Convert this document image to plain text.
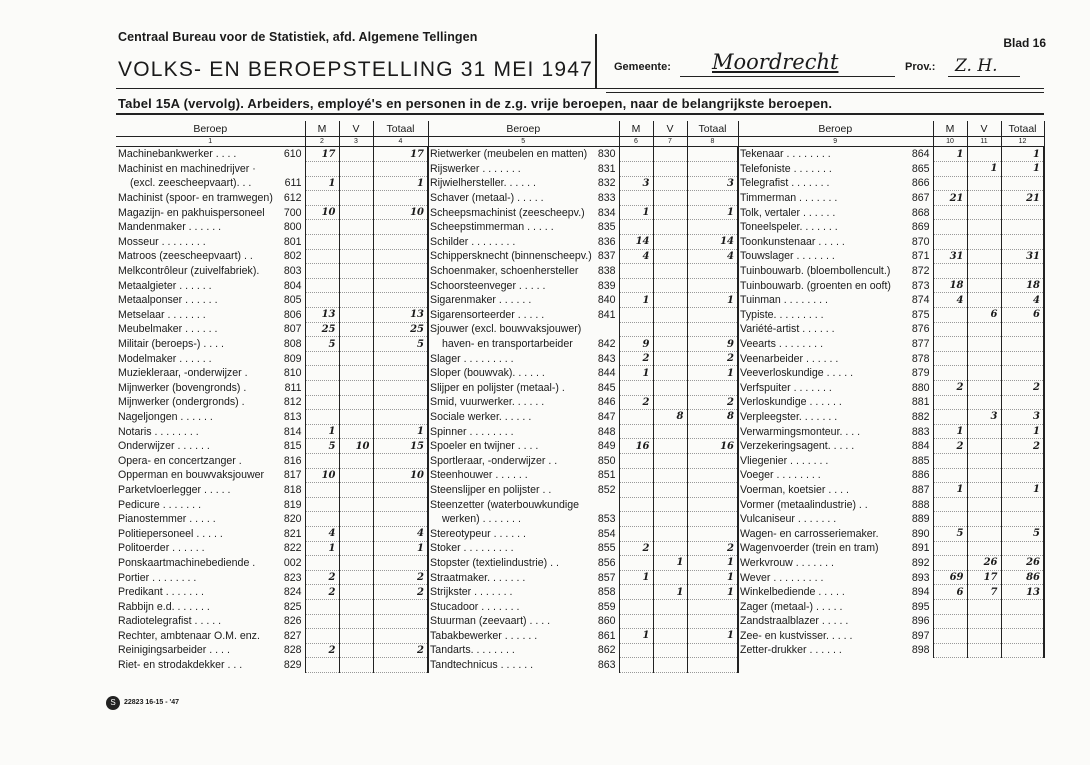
Centraal Bureau voor de Statistiek, afd. Algemene Tellingen
VOLKS- EN BEROEPSTELLING 31 MEI 1947
Blad 16
Gemeente: Moordrecht	Prov.: Z. H.
Tabel 15A (vervolg). Arbeiders, employé's en personen in de z.g. vrije beroepen, naar de belangrijkste beroepen.
Beroep	M	V	Totaal
1	2	3	4

Machinebankwerker . . . . 610	17		17

Machinist en machinedrijver ·			

(excl. zeescheepvaart). . . 611	1		1

Machinist (spoor- en tramwegen) 612			

Magazijn- en pakhuispersoneel 700	10		10

Mandenmaker . . . . . . 800			

Mosseur . . . . . . . . 801			

Matroos (zeescheepvaart) . . 802			

Melkcontrôleur (zuivelfabriek). 803			

Metaalgieter . . . . . . 804			

Metaalponser . . . . . . 805			

Metselaar . . . . . . . 806	13		13

Meubelmaker . . . . . . 807	25		25

Militair (beroeps-) . . . . 808	5		5

Modelmaker . . . . . . 809			

Muziekleraar, -onderwijzer . 810			

Mijnwerker (bovengronds) . 811			

Mijnwerker (ondergronds) . 812			

Nageljongen . . . . . . 813			

Notaris . . . . . . . . 814	1		1

Onderwijzer . . . . . . 815	5	10	15

Opera- en concertzanger . 816			

Opperman en bouwvaksjouwer 817	10		10

Parketvloerlegger . . . . . 818			

Pedicure . . . . . . . 819			

Pianostemmer . . . . . 820			

Politiepersoneel . . . . . 821	4		4

Politoerder . . . . . . 822	1		1

Ponskaartmachinebediende . 002			

Portier . . . . . . . . 823	2		2

Predikant . . . . . . . 824	2		2

Rabbijn e.d. . . . . . . 825			

Radiotelegrafist . . . . . 826			

Rechter, ambtenaar O.M. enz. 827			

Reinigingsarbeider . . . . 828	2		2

Riet- en strodakdekker . . . 829			

Beroep	M	V	Totaal
5	6	7	8

Rietwerker (meubelen en matten) 830			

Rijswerker . . . . . . . 831			

Rijwielhersteller. . . . . . 832	3		3

Schaver (metaal-) . . . . . 833			

Scheepsmachinist (zeescheepv.) 834	1		1

Scheepstimmerman . . . . . 835			

Schilder . . . . . . . . 836	14		14

Schippersknecht (binnenscheepv.) 837	4		4

Schoenmaker, schoenhersteller 838			

Schoorsteenveger . . . . . 839			

Sigarenmaker . . . . . . 840	1		1

Sigarensorteerder . . . . . 841			

Sjouwer (excl. bouwvaksjouwer)			

haven- en transportarbeider 842	9		9

Slager . . . . . . . . . 843	2		2

Sloper (bouwvak). . . . . . 844	1		1

Slijper en polijster (metaal-) . 845			

Smid, vuurwerker. . . . . . 846	2		2

Sociale werker. . . . . . 847		8	8

Spinner . . . . . . . . 848			

Spoeler en twijner . . . . 849	16		16

Sportleraar, -onderwijzer . . 850			

Steenhouwer . . . . . . 851			

Steenslijper en polijster . . 852			

Steenzetter (waterbouwkundige			

werken) . . . . . . . 853			

Stereotypeur . . . . . . 854			

Stoker . . . . . . . . . 855	2		2

Stopster (textielindustrie) . . 856		1	1

Straatmaker. . . . . . . 857	1		1

Strijkster . . . . . . . 858		1	1

Stucadoor . . . . . . . 859			

Stuurman (zeevaart) . . . . 860			

Tabakbewerker . . . . . . 861	1		1

Tandarts. . . . . . . . 862			

Tandtechnicus . . . . . . 863			

Beroep	M	V	Totaal
9	10	11	12

Tekenaar . . . . . . . . 864	1		1

Telefoniste . . . . . . . 865		1	1

Telegrafist . . . . . . . 866			

Timmerman . . . . . . . 867	21		21

Tolk, vertaler . . . . . . 868			

Toneelspeler. . . . . . . 869			

Toonkunstenaar . . . . . 870			

Touwslager . . . . . . . 871	31		31

Tuinbouwarb. (bloembollencult.) 872			

Tuinbouwarb. (groenten en ooft) 873	18		18

Tuinman . . . . . . . . 874	4		4

Typiste. . . . . . . . . 875		6	6

Variété-artist . . . . . . 876			

Veearts . . . . . . . . 877			

Veenarbeider . . . . . . 878			

Veeverloskundige . . . . . 879			

Verfspuiter . . . . . . . 880	2		2

Verloskundige . . . . . . 881			

Verpleegster. . . . . . . 882		3	3

Verwarmingsmonteur. . . . 883	1		1

Verzekeringsagent. . . . . 884	2		2

Vliegenier . . . . . . . 885			

Voeger . . . . . . . . 886			

Voerman, koetsier . . . . 887	1		1

Vormer (metaalindustrie) . . 888			

Vulcaniseur . . . . . . . 889			

Wagen- en carrosseriemaker. 890	5		5

Wagenvoerder (trein en tram) 891			

Werkvrouw . . . . . . . 892		26	26

Wever . . . . . . . . . 893	69	17	86

Winkelbediende . . . . . 894	6	7	13

Zager (metaal-) . . . . . 895			

Zandstraalblazer . . . . . 896			

Zee- en kustvisser. . . . . 897			

Zetter-drukker . . . . . . 898			

S	22823 16-15 - '47
